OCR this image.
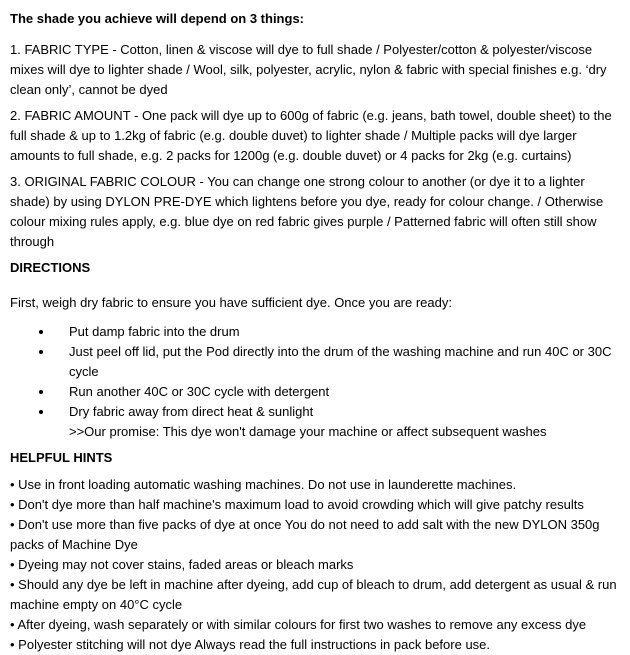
The shade you achieve will depend on 3 things:

1. FABRIC TYPE - Cotton, linen & viscose will dye to full shade / Polyester/cotton & polyester/viscose mixes will dye to lighter shade / Wool, silk, polyester, acrylic, nylon & fabric with special finishes e.g. ‘dry clean only’, cannot be dyed

2. FABRIC AMOUNT - One pack will dye up to 600g of fabric (e.g. jeans, bath towel, double sheet) to the full shade & up to 1.2kg of fabric (e.g. double duvet) to lighter shade / Multiple packs will dye larger amounts to full shade, e.g. 2 packs for 1200g (e.g. double duvet) or 4 packs for 2kg (e.g. curtains)

3. ORIGINAL FABRIC COLOUR - You can change one strong colour to another (or dye it to a lighter shade) by using DYLON PRE-DYE which lightens before you dye, ready for colour change. / Otherwise colour mixing rules apply, e.g. blue dye on red fabric gives purple / Patterned fabric will often still show through

DIRECTIONS

First, weigh dry fabric to ensure you have sufficient dye. Once you are ready:

• Put damp fabric into the drum
• Just peel off lid, put the Pod directly into the drum of the washing machine and run 40C or 30C cycle
• Run another 40C or 30C cycle with detergent
• Dry fabric away from direct heat & sunlight
>>Our promise: This dye won't damage your machine or affect subsequent washes

HELPFUL HINTS

• Use in front loading automatic washing machines. Do not use in launderette machines.

• Don't dye more than half machine's maximum load to avoid crowding which will give patchy results

• Don't use more than five packs of dye at once You do not need to add salt with the new DYLON 350g packs of Machine Dye

• Dyeing may not cover stains, faded areas or bleach marks

• Should any dye be left in machine after dyeing, add cup of bleach to drum, add detergent as usual & run machine empty on 40°C cycle

• After dyeing, wash separately or with similar colours for first two washes to remove any excess dye

• Polyester stitching will not dye Always read the full instructions in pack before use.
